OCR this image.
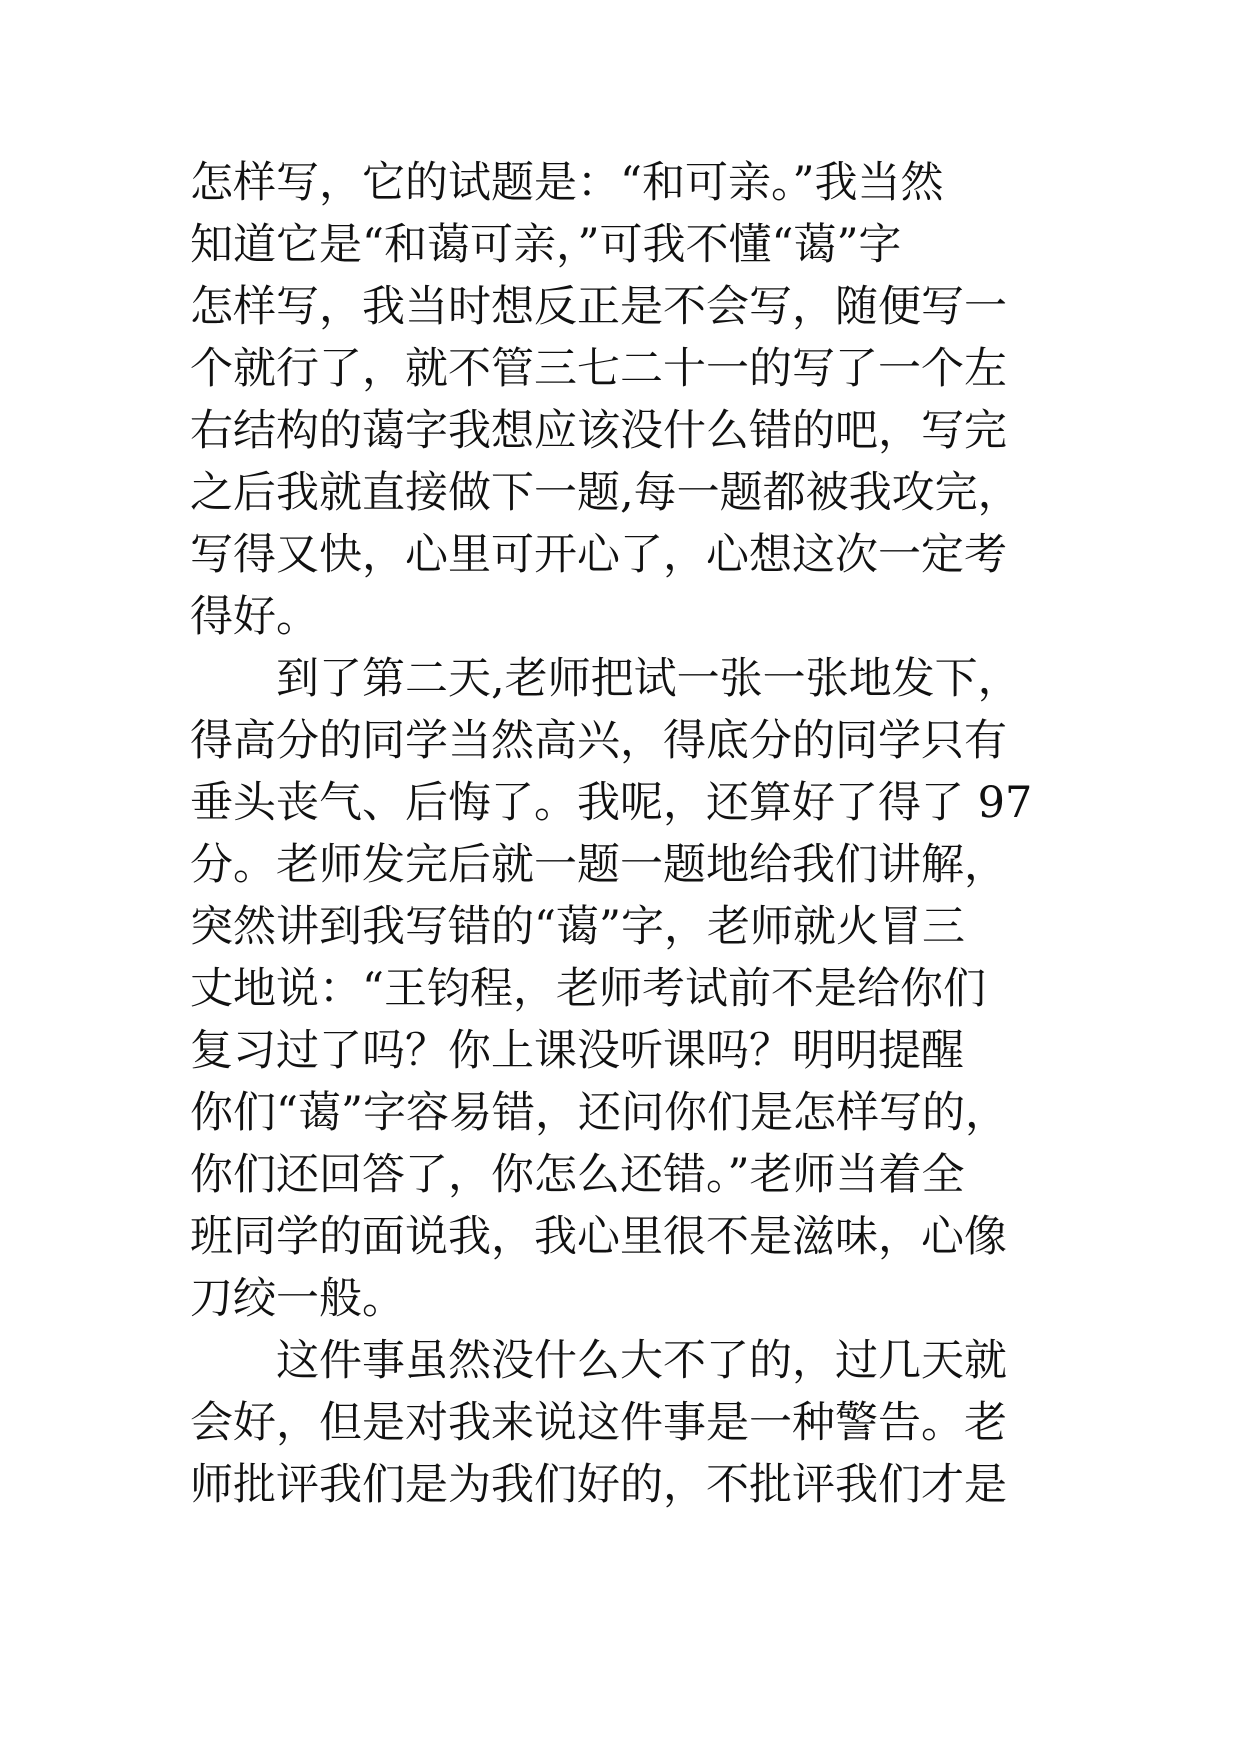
怎样写，它的试题是：“和可亲。”我当然
知道它是“和蔼可亲，”可我不懂“蔼”字
怎样写，我当时想反正是不会写，随便写一
个就行了，就不管三七二十一的写了一个左
右结构的蔼字我想应该没什么错的吧，写完
之后我就直接做下一题,每一题都被我攻完，
写得又快，心里可开心了，心想这次一定考
得好。
到了第二天,老师把试一张一张地发下，
得高分的同学当然高兴，得底分的同学只有
垂头丧气、后悔了。我呢，还算好了得了 97
分。老师发完后就一题一题地给我们讲解，
突然讲到我写错的“蔼”字，老师就火冒三
丈地说：“王钧程，老师考试前不是给你们
复习过了吗？你上课没听课吗？明明提醒
你们“蔼”字容易错，还问你们是怎样写的，
你们还回答了，你怎么还错。”老师当着全
班同学的面说我，我心里很不是滋味，心像
刀绞一般。
这件事虽然没什么大不了的，过几天就
会好，但是对我来说这件事是一种警告。老
师批评我们是为我们好的，不批评我们才是
